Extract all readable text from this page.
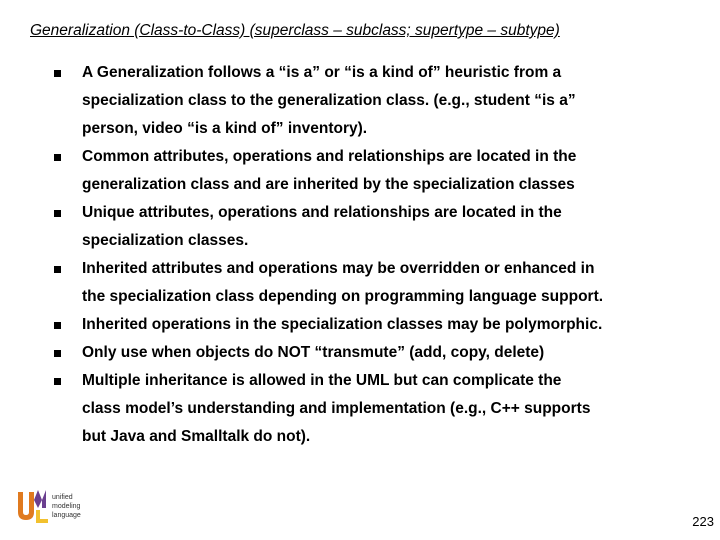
Generalization (Class-to-Class) (superclass – subclass; supertype – subtype)
A Generalization follows a “is a” or “is a kind of” heuristic from a
specialization class to the generalization class. (e.g., student “is a”
person, video “is a kind of” inventory).
Common attributes, operations and relationships are located in the
generalization class and are inherited by the specialization classes
Unique attributes, operations and relationships are located in the
specialization classes.
Inherited attributes and operations may be overridden or enhanced in
the specialization class depending on programming language support.
Inherited operations in the specialization classes may be polymorphic.
Only use when objects do NOT “transmute” (add, copy, delete)
Multiple inheritance is allowed in the UML but can complicate the
class model’s understanding and implementation (e.g., C++ supports
but Java and Smalltalk do not).
unified
modeling
language	223
